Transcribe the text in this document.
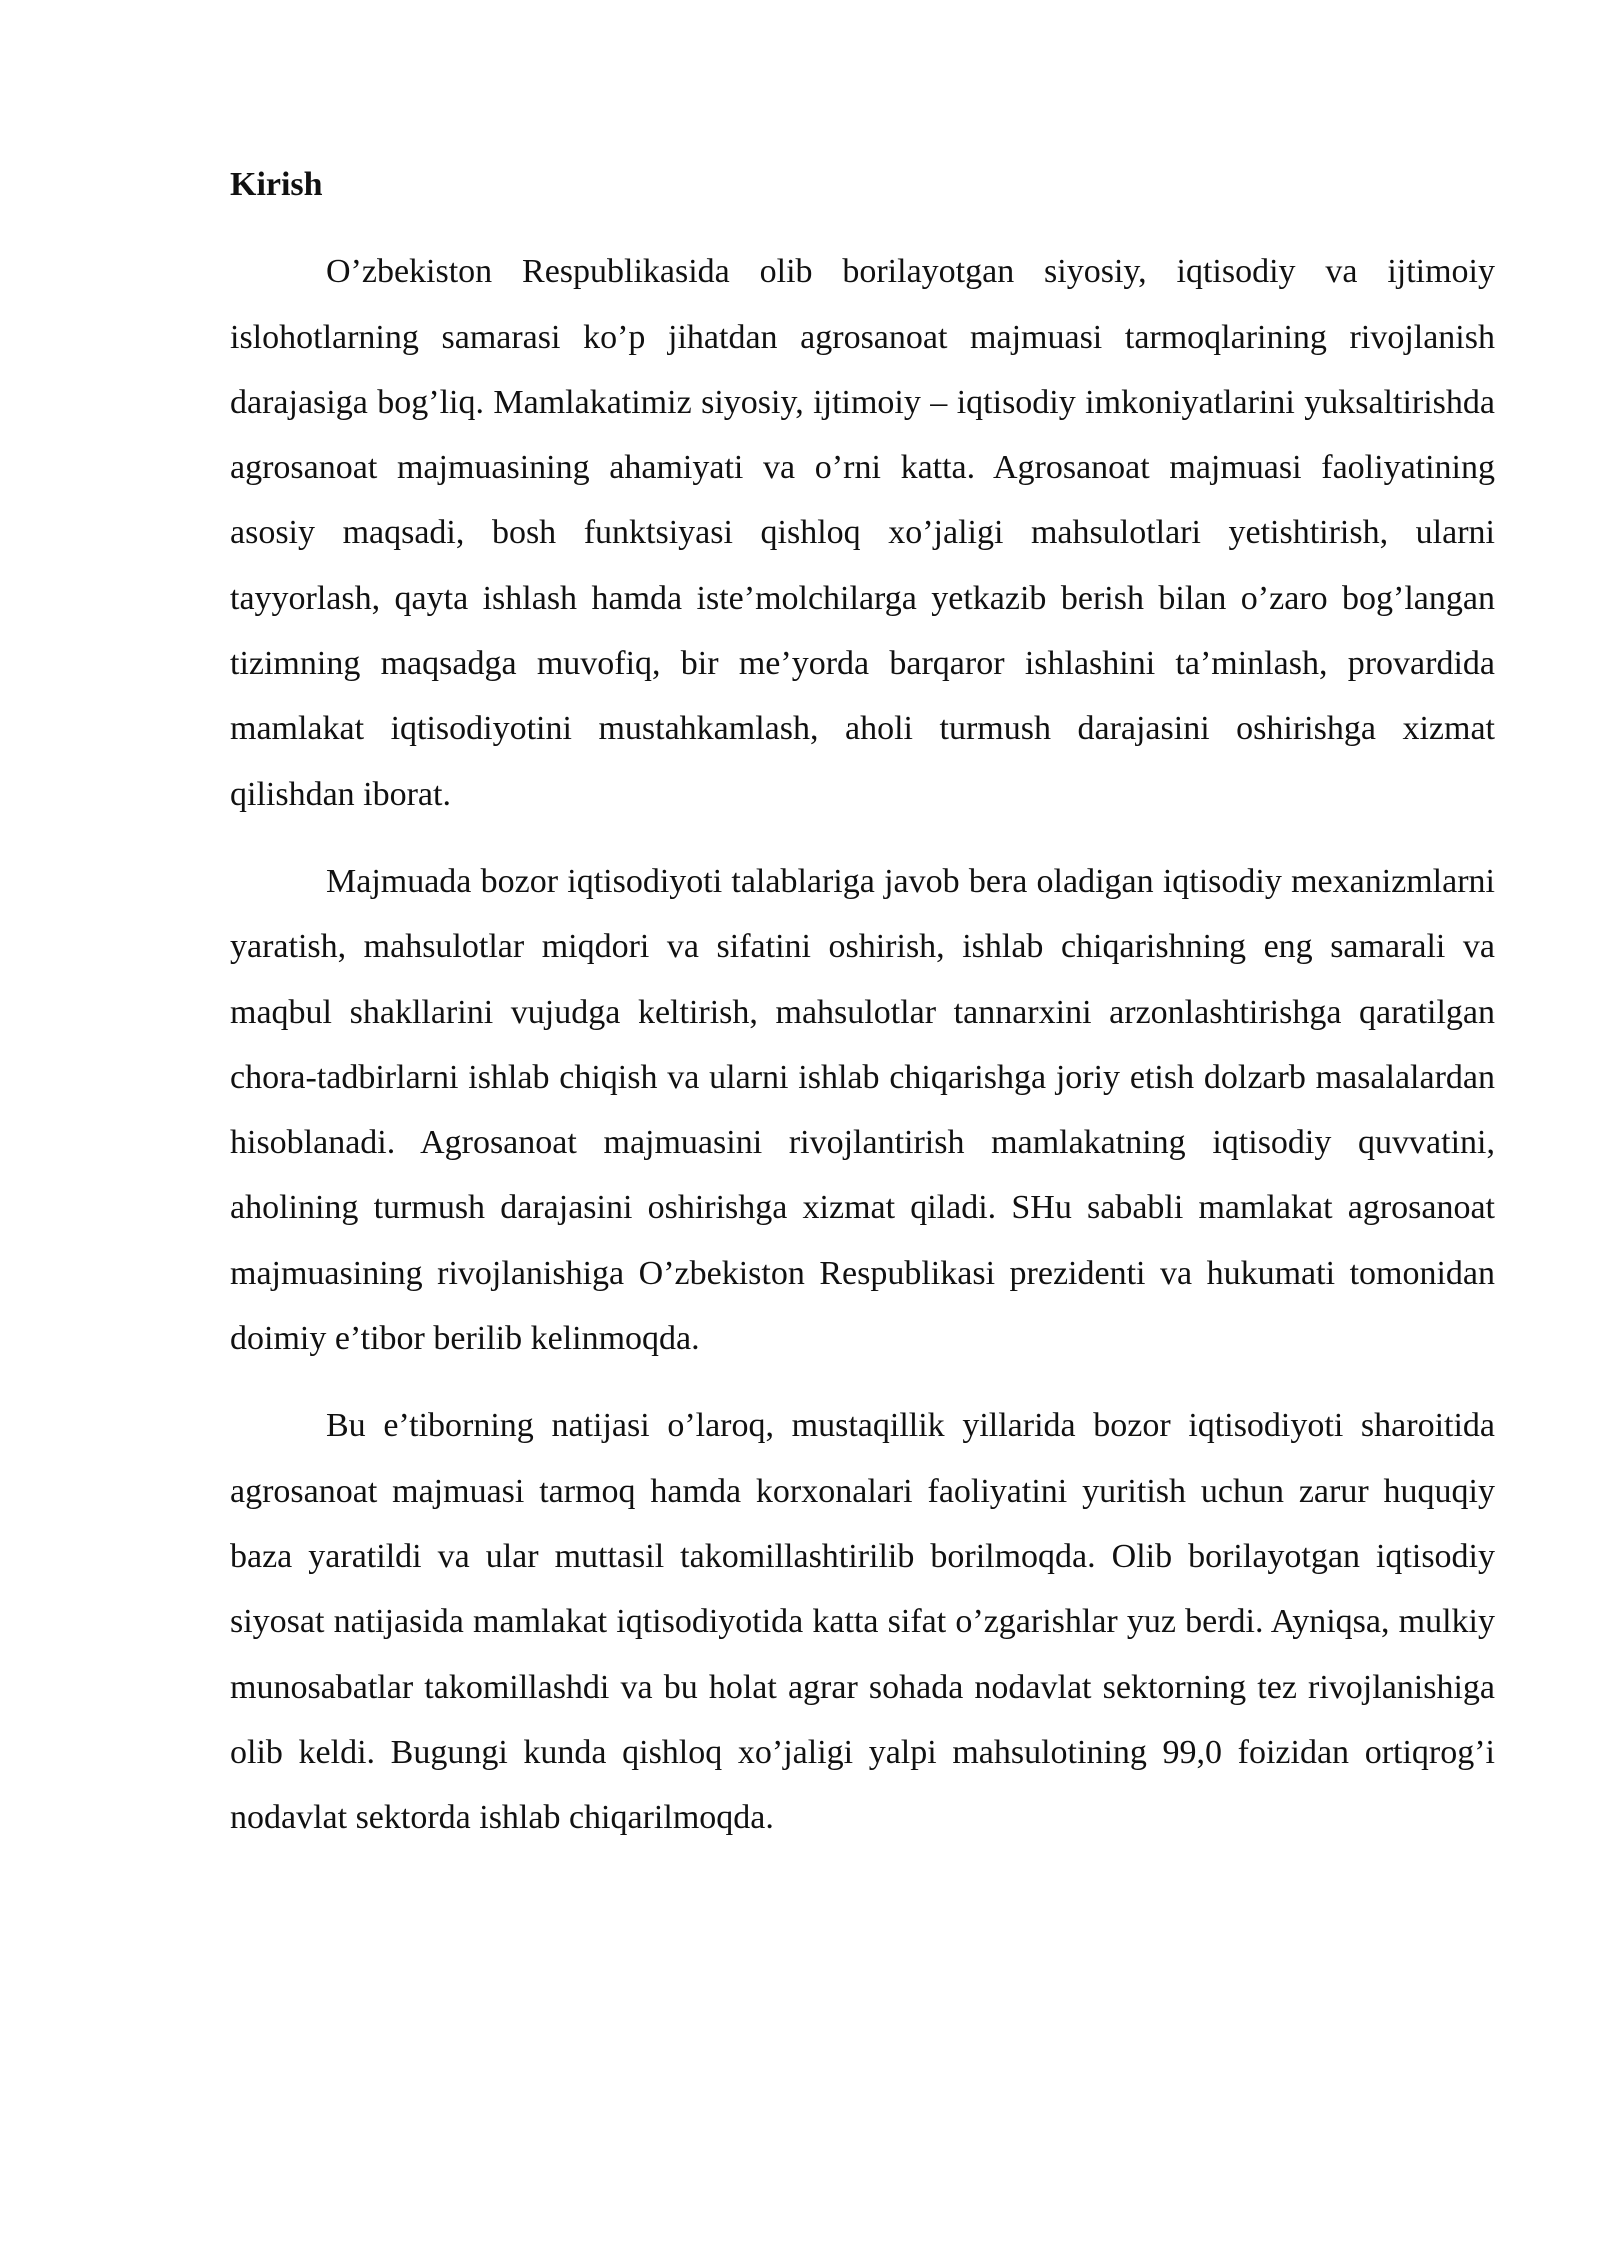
Kirish

O’zbekiston Respublikasida olib borilayotgan siyosiy, iqtisodiy va ijtimoiy islohotlarning samarasi ko’p jihatdan agrosanoat majmuasi tarmoqlarining rivojlanish darajasiga bog’liq. Mamlakatimiz siyosiy, ijtimoiy – iqtisodiy imkoniyatlarini yuksaltirishda agrosanoat majmuasining ahamiyati va o’rni katta. Agrosanoat majmuasi faoliyatining asosiy maqsadi, bosh funktsiyasi qishloq xo’jaligi mahsulotlari yetishtirish, ularni tayyorlash, qayta ishlash hamda iste’molchilarga yetkazib berish bilan o’zaro bog’langan tizimning maqsadga muvofiq, bir me’yorda barqaror ishlashini ta’minlash, provardida mamlakat iqtisodiyotini mustahkamlash, aholi turmush darajasini oshirishga xizmat qilishdan iborat.

Majmuada bozor iqtisodiyoti talablariga javob bera oladigan iqtisodiy mexanizmlarni yaratish, mahsulotlar miqdori va sifatini oshirish, ishlab chiqarishning eng samarali va maqbul shakllarini vujudga keltirish, mahsulotlar tannarxini arzonlashtirishga qaratilgan chora-tadbirlarni ishlab chiqish va ularni ishlab chiqarishga joriy etish dolzarb masalalardan hisoblanadi. Agrosanoat majmuasini rivojlantirish mamlakatning iqtisodiy quvvatini, aholining turmush darajasini oshirishga xizmat qiladi. SHu sababli mamlakat agrosanoat majmuasining rivojlanishiga O’zbekiston Respublikasi prezidenti va hukumati tomonidan doimiy e’tibor berilib kelinmoqda.

Bu e’tiborning natijasi o’laroq, mustaqillik yillarida bozor iqtisodiyoti sharoitida agrosanoat majmuasi tarmoq hamda korxonalari faoliyatini yuritish uchun zarur huquqiy baza yaratildi va ular muttasil takomillashtirilib borilmoqda. Olib borilayotgan iqtisodiy siyosat natijasida mamlakat iqtisodiyotida katta sifat o’zgarishlar yuz berdi. Ayniqsa, mulkiy munosabatlar takomillashdi va bu holat agrar sohada nodavlat sektorning tez rivojlanishiga olib keldi. Bugungi kunda qishloq xo’jaligi yalpi mahsulotining 99,0 foizidan ortiqrog’i nodavlat sektorda ishlab chiqarilmoqda.
